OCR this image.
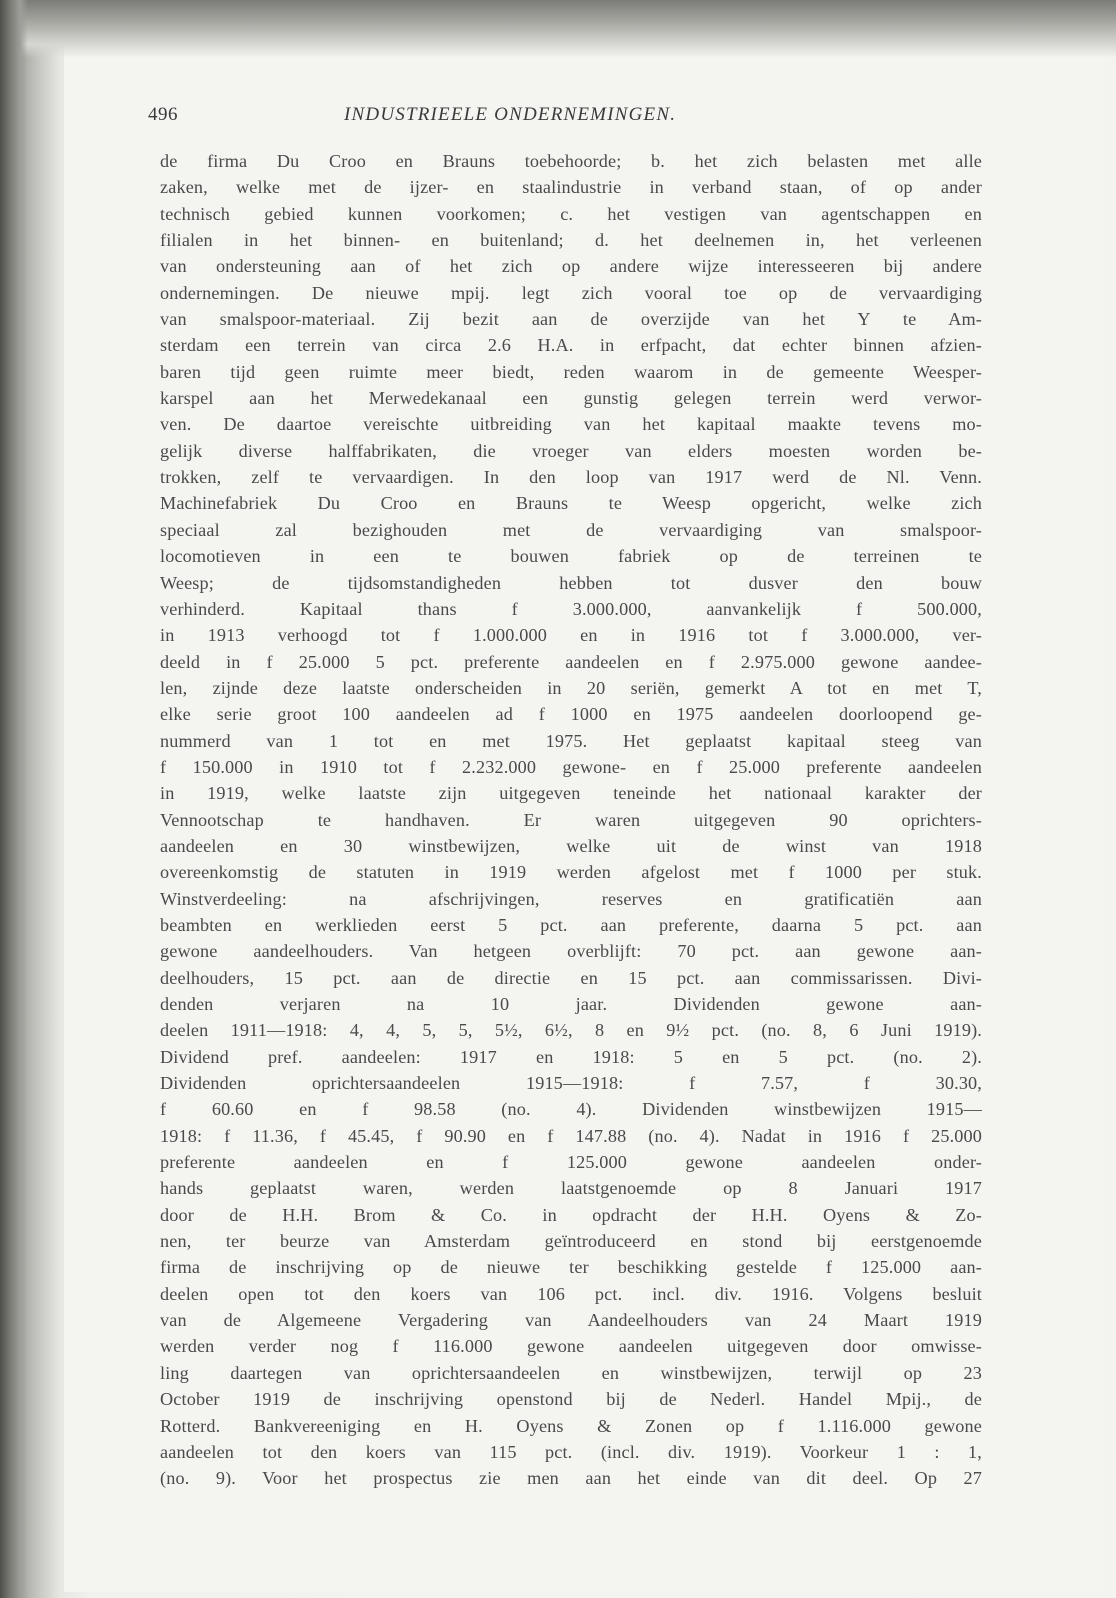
496	INDUSTRIEELE ONDERNEMINGEN.
de firma Du Croo en Brauns toebehoorde; b. het zich belasten met alle
zaken, welke met de ijzer- en staalindustrie in verband staan, of op ander
technisch gebied kunnen voorkomen; c. het vestigen van agentschappen en
filialen in het binnen- en buitenland; d. het deelnemen in, het verleenen
van ondersteuning aan of het zich op andere wijze interesseeren bij andere
ondernemingen. De nieuwe mpij. legt zich vooral toe op de vervaardiging
van smalspoor-materiaal. Zij bezit aan de overzijde van het Y te Am-
sterdam een terrein van circa 2.6 H.A. in erfpacht, dat echter binnen afzien-
baren tijd geen ruimte meer biedt, reden waarom in de gemeente Weesper-
karspel aan het Merwedekanaal een gunstig gelegen terrein werd verwor-
ven. De daartoe vereischte uitbreiding van het kapitaal maakte tevens mo-
gelijk diverse halffabrikaten, die vroeger van elders moesten worden be-
trokken, zelf te vervaardigen. In den loop van 1917 werd de Nl. Venn.
Machinefabriek Du Croo en Brauns te Weesp opgericht, welke zich
speciaal zal bezighouden met de vervaardiging van smalspoor-
locomotieven in een te bouwen fabriek op de terreinen te
Weesp; de tijdsomstandigheden hebben tot dusver den bouw
verhinderd. Kapitaal thans f 3.000.000, aanvankelijk f 500.000,
in 1913 verhoogd tot f 1.000.000 en in 1916 tot f 3.000.000, ver-
deeld in f 25.000 5 pct. preferente aandeelen en f 2.975.000 gewone aandee-
len, zijnde deze laatste onderscheiden in 20 seriën, gemerkt A tot en met T,
elke serie groot 100 aandeelen ad f 1000 en 1975 aandeelen doorloopend ge-
nummerd van 1 tot en met 1975. Het geplaatst kapitaal steeg van
f 150.000 in 1910 tot f 2.232.000 gewone- en f 25.000 preferente aandeelen
in 1919, welke laatste zijn uitgegeven teneinde het nationaal karakter der
Vennootschap te handhaven. Er waren uitgegeven 90 oprichters-
aandeelen en 30 winstbewijzen, welke uit de winst van 1918
overeenkomstig de statuten in 1919 werden afgelost met f 1000 per stuk.
Winstverdeeling: na afschrijvingen, reserves en gratificatiën aan
beambten en werklieden eerst 5 pct. aan preferente, daarna 5 pct. aan
gewone aandeelhouders. Van hetgeen overblijft: 70 pct. aan gewone aan-
deelhouders, 15 pct. aan de directie en 15 pct. aan commissarissen. Divi-
denden verjaren na 10 jaar. Dividenden gewone aan-
deelen 1911—1918: 4, 4, 5, 5, 5½, 6½, 8 en 9½ pct. (no. 8, 6 Juni 1919).
Dividend pref. aandeelen: 1917 en 1918: 5 en 5 pct. (no. 2).
Dividenden oprichtersaandeelen 1915—1918: f 7.57, f 30.30,
f 60.60 en f 98.58 (no. 4). Dividenden winstbewijzen 1915—
1918: f 11.36, f 45.45, f 90.90 en f 147.88 (no. 4). Nadat in 1916 f 25.000
preferente aandeelen en f 125.000 gewone aandeelen onder-
hands geplaatst waren, werden laatstgenoemde op 8 Januari 1917
door de H.H. Brom & Co. in opdracht der H.H. Oyens & Zo-
nen, ter beurze van Amsterdam geïntroduceerd en stond bij eerstgenoemde
firma de inschrijving op de nieuwe ter beschikking gestelde f 125.000 aan-
deelen open tot den koers van 106 pct. incl. div. 1916. Volgens besluit
van de Algemeene Vergadering van Aandeelhouders van 24 Maart 1919
werden verder nog f 116.000 gewone aandeelen uitgegeven door omwisse-
ling daartegen van oprichtersaandeelen en winstbewijzen, terwijl op 23
October 1919 de inschrijving openstond bij de Nederl. Handel Mpij., de
Rotterd. Bankvereeniging en H. Oyens & Zonen op f 1.116.000 gewone
aandeelen tot den koers van 115 pct. (incl. div. 1919). Voorkeur 1 : 1,
(no. 9). Voor het prospectus zie men aan het einde van dit deel. Op 27
